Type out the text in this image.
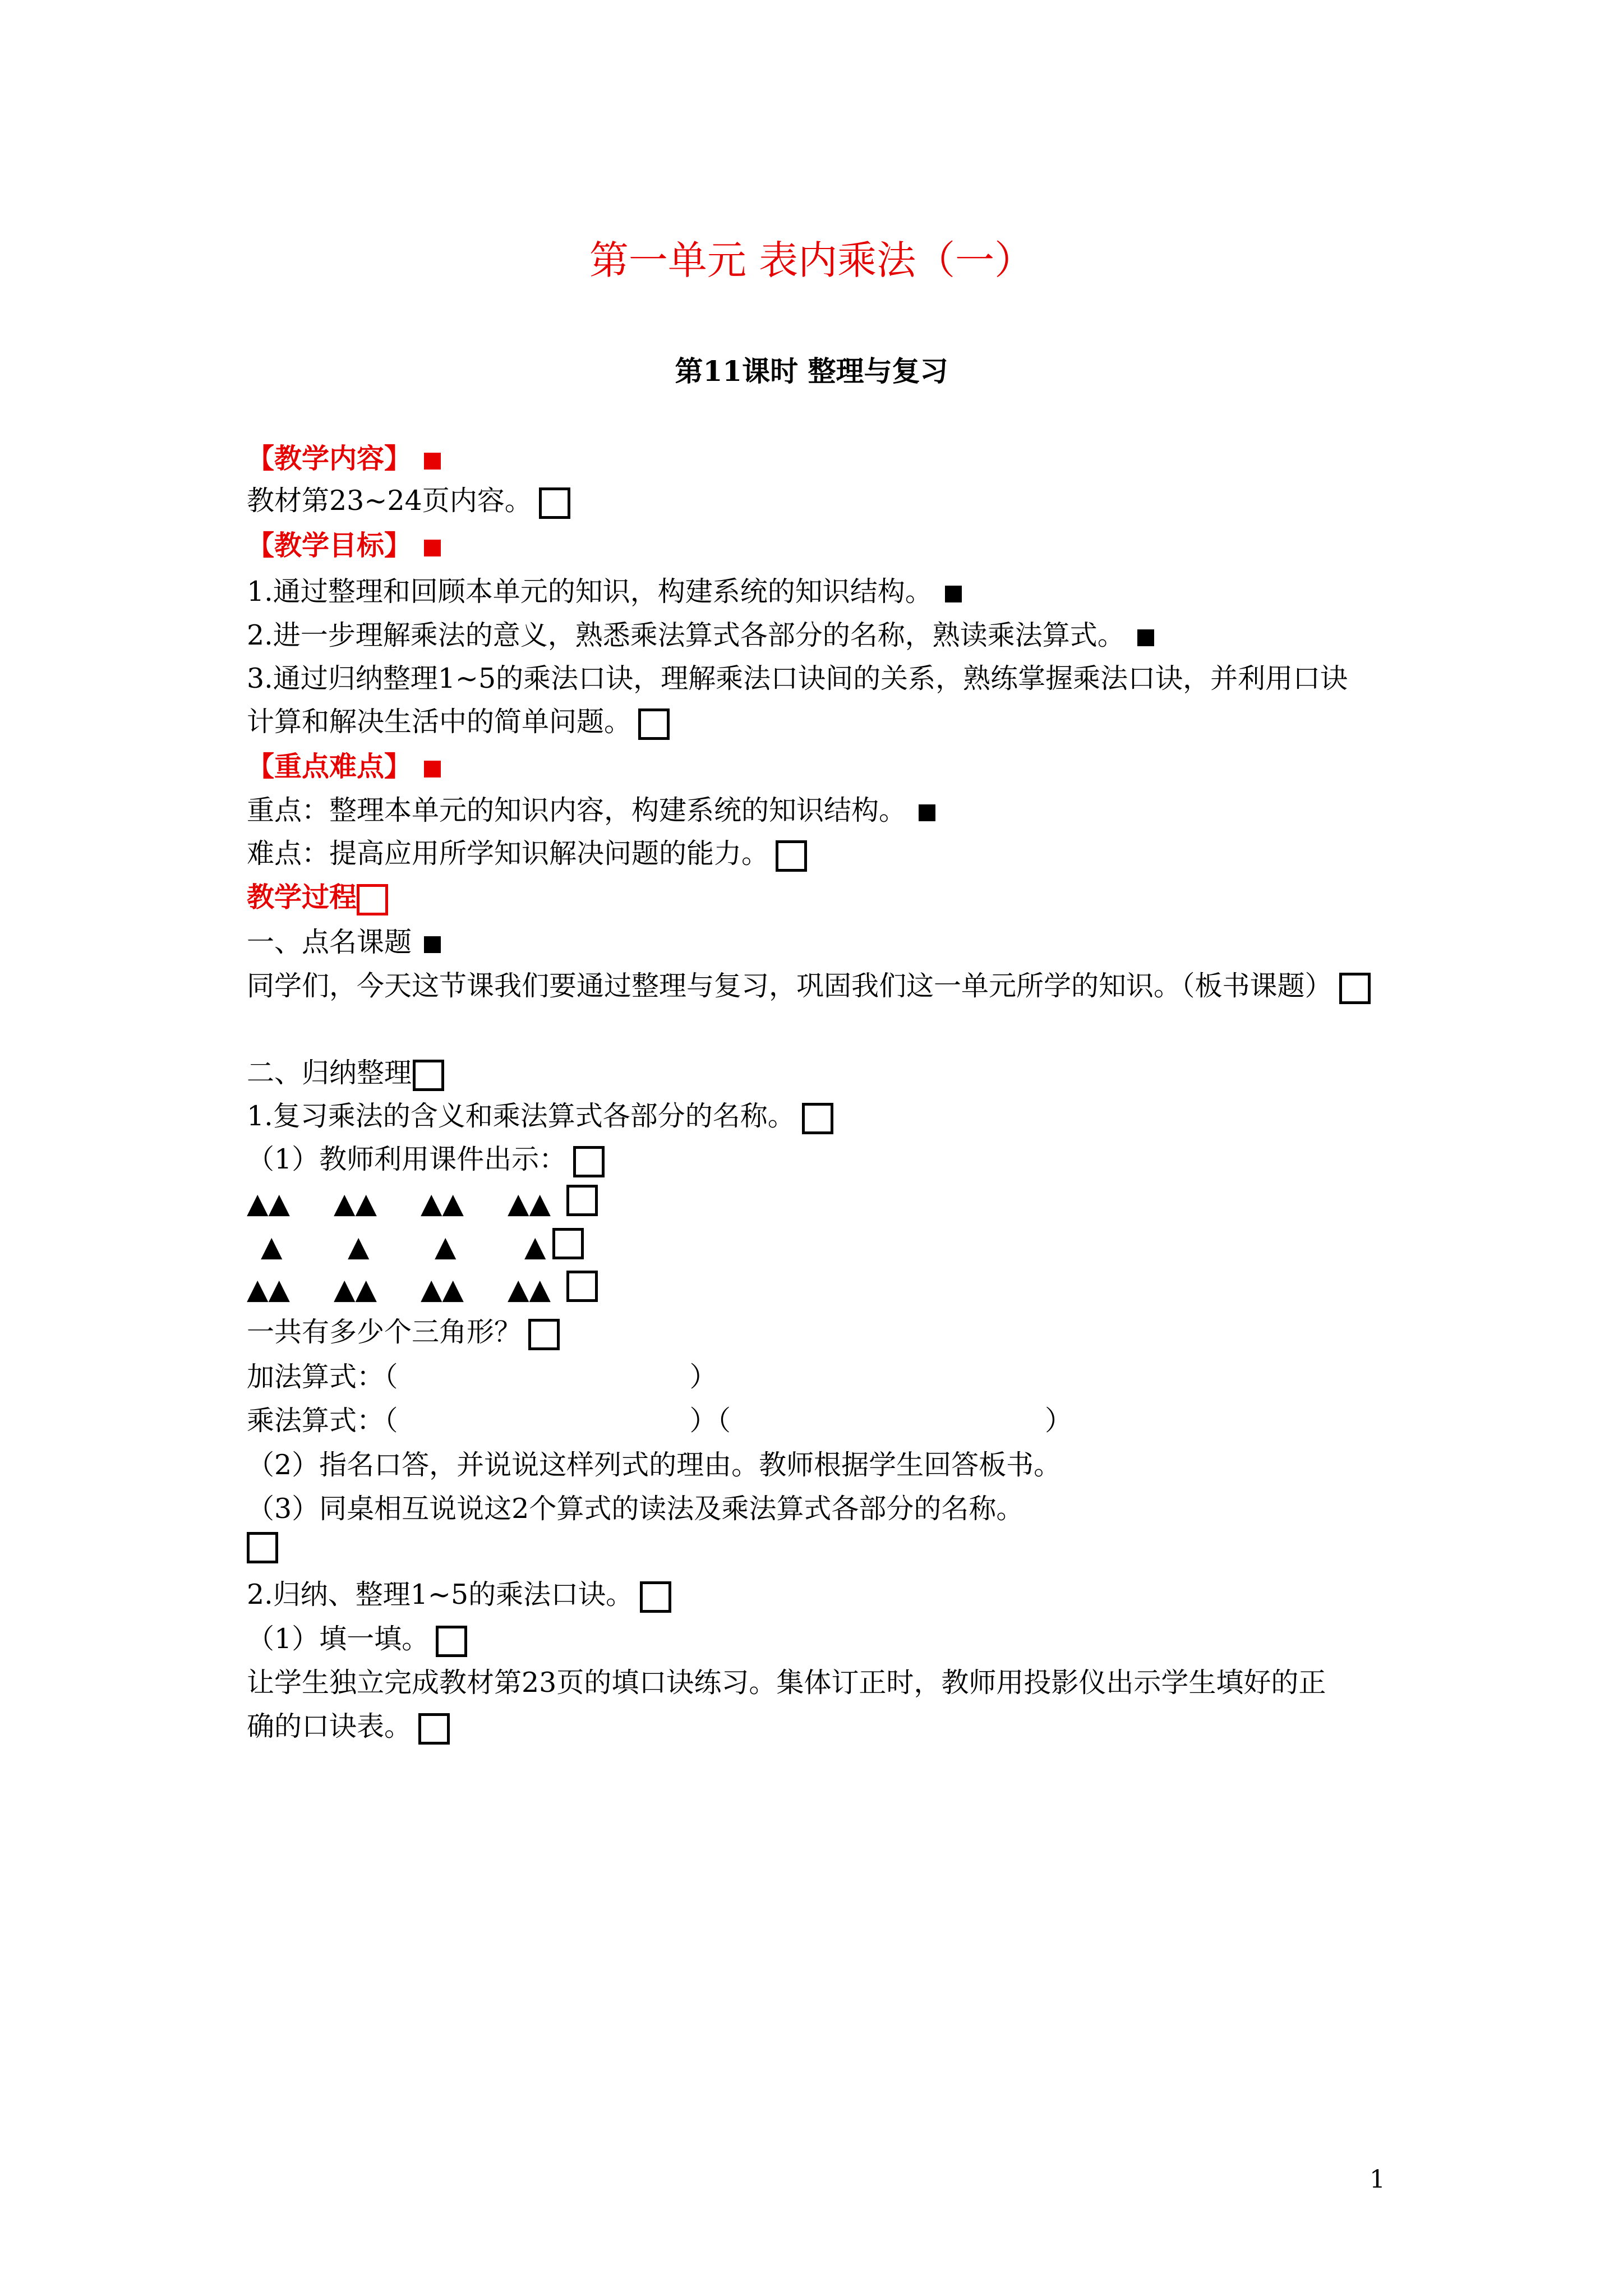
第一单元 表内乘法（一）
第11课时 整理与复习
【教学内容】
教材第23~24页内容。
【教学目标】
1.通过整理和回顾本单元的知识，构建系统的知识结构。
2.进一步理解乘法的意义，熟悉乘法算式各部分的名称，熟读乘法算式。
3.通过归纳整理1~5的乘法口诀，理解乘法口诀间的关系，熟练掌握乘法口诀，并利用口诀
计算和解决生活中的简单问题。
【重点难点】
重点：整理本单元的知识内容，构建系统的知识结构。
难点：提高应用所学知识解决问题的能力。
教学过程
一、点名课题
同学们，今天这节课我们要通过整理与复习，巩固我们这一单元所学的知识。（板书课题）
二、归纳整理
1.复习乘法的含义和乘法算式各部分的名称。
（1）教师利用课件出示：
▲▲ ▲▲ ▲▲ ▲▲
▲ ▲ ▲ ▲
▲▲ ▲▲ ▲▲ ▲▲
一共有多少个三角形？
加法算式：（	）
乘法算式：（	）（	）
（2）指名口答，并说说这样列式的理由。教师根据学生回答板书。
（3）同桌相互说说这2个算式的读法及乘法算式各部分的名称。
2.归纳、整理1~5的乘法口诀。
（1）填一填。
让学生独立完成教材第23页的填口诀练习。集体订正时，教师用投影仪出示学生填好的正
确的口诀表。
1
